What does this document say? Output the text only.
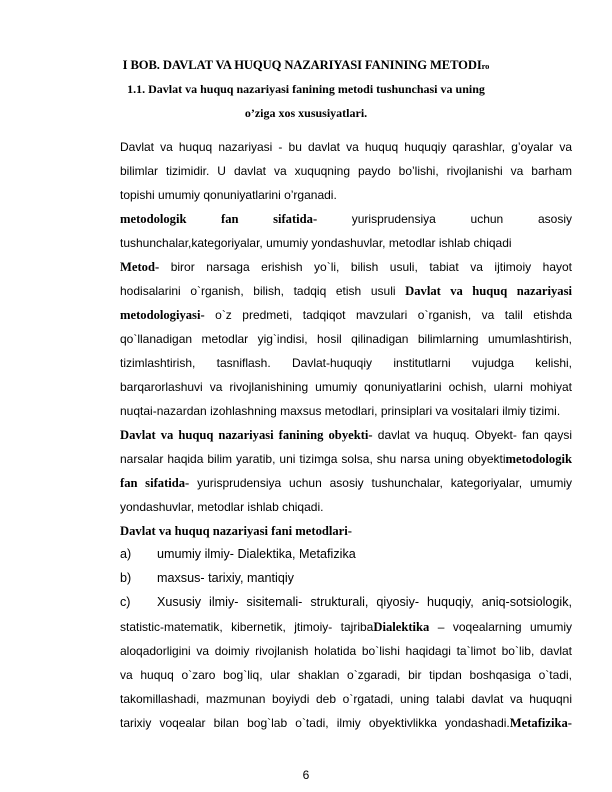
I BOB. DAVLAT VA HUQUQ NAZARIYASI FANINING METODIro
1.1. Davlat va huquq nazariyasi fanining metodi tushunchasi va uning
o’ziga xos xususiyatlari.
Davlat va huquq nazariyasi - bu davlat va huquq huquqiy qarashlar, g’oyalar va
bilimlar tizimidir. U davlat va xuquqning paydo bo’lishi, rivojlanishi va barham
topishi umumiy qonuniyatlarini o’rganadi.
metodologik fan sifatida-	yurisprudensiya uchun asosiy
tushunchalar,kategoriyalar, umumiy yondashuvlar, metodlar ishlab chiqadi
Metod- biror narsaga erishish yo`li, bilish usuli, tabiat va ijtimoiy hayot
hodisalarini o`rganish, bilish, tadqiq etish usuli Davlat va huquq nazariyasi
metodologiyasi- o`z predmeti, tadqiqot mavzulari o`rganish, va talil etishda
qo`llanadigan metodlar yig`indisi, hosil qilinadigan bilimlarning umumlashtirish,
tizimlashtirish, tasniflash. Davlat-huquqiy institutlarni vujudga kelishi,
barqarorlashuvi va rivojlanishining umumiy qonuniyatlarini ochish, ularni mohiyat
nuqtai-nazardan izohlashning maxsus metodlari, prinsiplari va vositalari ilmiy tizimi.
Davlat va huquq nazariyasi fanining obyekti- davlat va huquq. Obyekt- fan qaysi
narsalar haqida bilim yaratib, uni tizimga solsa, shu narsa uning obyektimetodologik
fan sifatida- yurisprudensiya uchun asosiy tushunchalar, kategoriyalar, umumiy
yondashuvlar, metodlar ishlab chiqadi.
Davlat va huquq nazariyasi fani metodlari-
a) umumiy ilmiy- Dialektika, Metafizika
b) maxsus- tarixiy, mantiqiy
c) Xususiy ilmiy- sisitemali- strukturali, qiyosiy- huquqiy, aniq-sotsiologik,
statistic-matematik, kibernetik, jtimoiy- tajribaDialektika – voqealarning umumiy
aloqadorligini va doimiy rivojlanish holatida bo`lishi haqidagi ta`limot bo`lib, davlat
va huquq o`zaro bog`liq, ular shaklan o`zgaradi, bir tipdan boshqasiga o`tadi,
takomillashadi, mazmunan boyiydi deb o`rgatadi, uning talabi davlat va huquqni
tarixiy voqealar bilan bog`lab o`tadi, ilmiy obyektivlikka yondashadi.Metafizika-
6
